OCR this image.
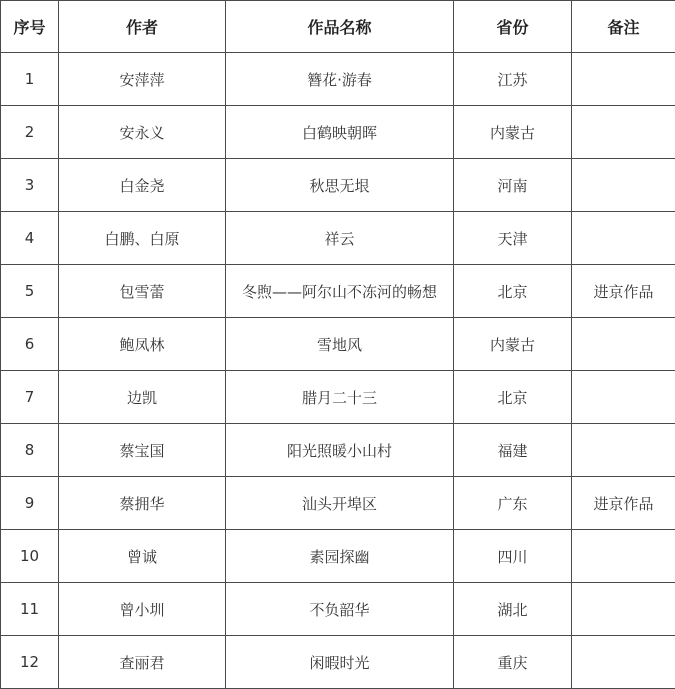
序号	作者	作品名称	省份	备注
1	安萍萍	簪花·游春	江苏	
2	安永义	白鹤映朝晖	内蒙古	
3	白金尧	秋思无垠	河南	
4	白鹏、白原	祥云	天津	
5	包雪蕾	冬煦——阿尔山不冻河的畅想	北京	进京作品
6	鲍凤林	雪地风	内蒙古	
7	边凯	腊月二十三	北京	
8	蔡宝国	阳光照暖小山村	福建	
9	蔡拥华	汕头开埠区	广东	进京作品
10	曾诚	素园探幽	四川	
11	曾小圳	不负韶华	湖北	
12	查丽君	闲暇时光	重庆	
